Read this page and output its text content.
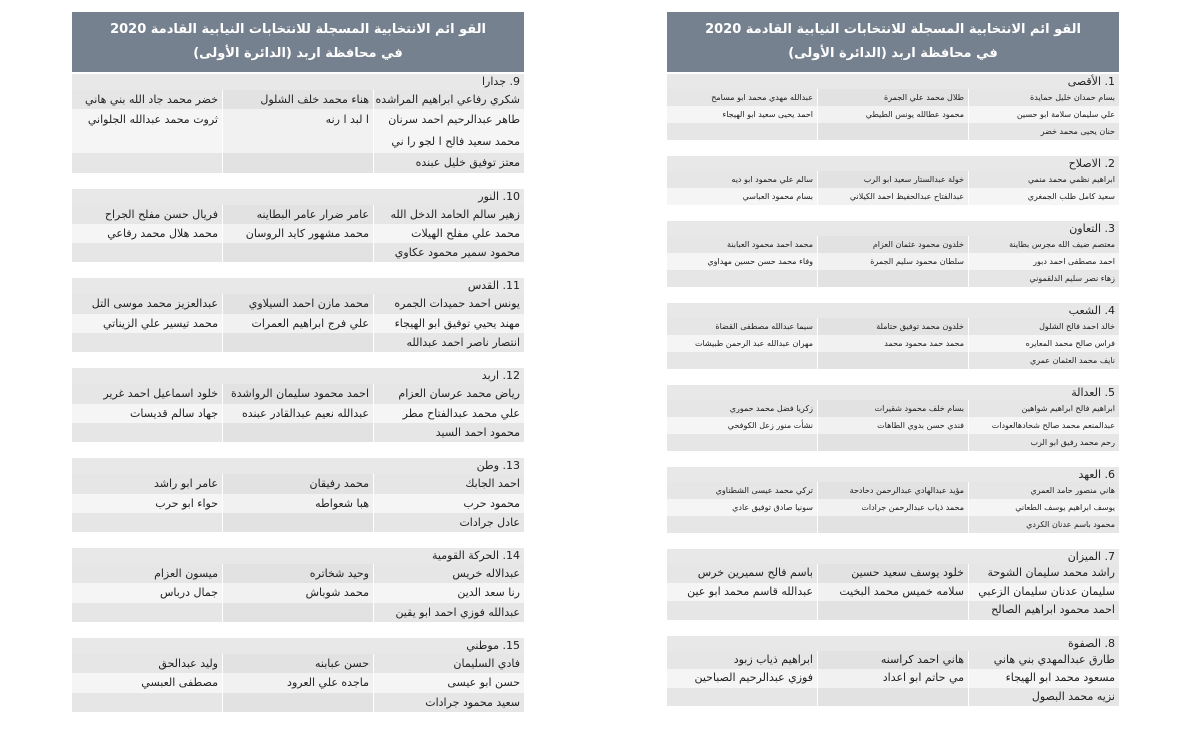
القو ائم الانتخابية المسجلة للانتخابات النيابية القادمة 2020
في محافظة اربد (الدائرة الأولى)
9. جدارا
شكري رفاعي ابراهيم المراشده
هناء محمد خلف الشلول
خضر محمد جاد الله بني هاني
طاهر عبدالرحيم احمد سرنان محمد سعيد فالح ا لجو را ني
ا لبد ا رنه
ثروت محمد عبدالله الجلواني
معتز توفيق خليل عبنده
10. النور
زهير سالم الحامد الدخل الله
عامر ضرار عامر البطاينه
فريال حسن مفلح الجراح
محمد علي مفلح الهيلات
محمد مشهور كايد الروسان
محمد هلال محمد رفاعي
محمود سمير محمود عكاوي
11. القدس
يونس احمد حميدات الجمره
محمد مازن احمد السيلاوي
عبدالعزيز محمد موسى التل
مهند يحيي توفيق ابو الهيجاء
علي فرج ابراهيم العمرات
محمد تيسير علي الزيناتي
انتصار ناصر احمد عبدالله
12. اربد
رياض محمد عرسان العزام
احمد محمود سليمان الرواشدة
خلود اسماعيل احمد غرير
علي محمد عبدالفتاح مطر
عبدالله نعيم عبدالقادر عبنده
جهاد سالم قديسات
محمود احمد السيد
13. وطن
احمد الجابك
محمد رفيقان
عامر ابو راشد
محمود حرب
هبا شعواطه
حواء ابو حرب
عادل جرادات
14. الحركة القومية
عبدالاله خريس
وحيد شخاتره
ميسون العزام
رنا سعد الدين
محمد شوباش
جمال درباس
عبدالله فوزي احمد ابو يقين
15. موطني
فادي السليمان
حسن عبابنه
وليد عبدالحق
حسن ابو عيسى
ماجده علي العرود
مصطفى العبسي
سعيد محمود جرادات
القو ائم الانتخابية المسجلة للانتخابات النيابية القادمة 2020
في محافظة اربد (الدائرة الأولى)
1. الأقصى
بسام حمدان خليل حمايدة
طلال محمد علي الجمرة
عبدالله مهدي محمد ابو مسامح
علي سليمان سلامة ابو حسين
محمود عطالله يونس الطيطي
احمد يحيى سعيد ابو الهيجاء
حنان يحيى محمد خضر
2. الاصلاح
ابراهيم نظمي محمد منمي
خولة عبدالستار سعيد ابو الرب
سالم علي محمود ابو ديه
سعيد كامل طلب الجمغري
عبدالفتاح عبدالحفيظ احمد الكيلاني
بسام محمود العباسي
3. التعاون
معتصم ضيف الله مجرس بطاينة
خلدون محمود عثمان العزام
محمد احمد محمود العبابنة
احمد مصطفى احمد دبور
سلطان محمود سليم الجمرة
وفاء محمد حسن حسين مهداوي
زهاء نصر سليم الدلقموني
4. الشعب
خالد احمد فالح الشلول
خلدون محمد توفيق حتاملة
سيما عبدالله مصطفى القضاة
فراس صالح محمد المعايره
محمد حمد محمود محمد
مهران عبدالله عبد الرحمن طبيشات
نايف محمد العثمان عمري
5. العدالة
ابراهيم فالح ابراهيم شواهين
بسام خلف محمود شقيرات
زكريا فضل محمد حموري
عبدالمنعم محمد صالح شحادهالعودات
فندي حسن بدوي الطاهات
نشأت منور زعل الكوفحي
رحم محمد رفيق ابو الرب
6. العهد
هاني منصور حامد العمري
مؤيد عبدالهادي عبدالرحمن دحادحة
تركي محمد عيسى الشطناوي
يوسف ابراهيم يوسف الطعاني
محمد ذياب عبدالرحمن جرادات
سونيا صادق توفيق عادي
محمود باسم عدنان الكردي
7. الميزان
راشد محمد سليمان الشوحة
خلود يوسف سعيد حسين
باسم فالح سميرين خرس
سليمان عدنان سليمان الزعبي
سلامه خميس محمد البخيت
عبدالله قاسم محمد ابو عين
احمد محمود ابراهيم الصالح
8. الصفوة
طارق عبدالمهدي بني هاني
هاني احمد كراسنه
ابراهيم ذياب زبود
مسعود محمد ابو الهيجاء
مي حاتم ابو اعداد
فوزي عبدالرحيم الصباحين
نزيه محمد البصول
